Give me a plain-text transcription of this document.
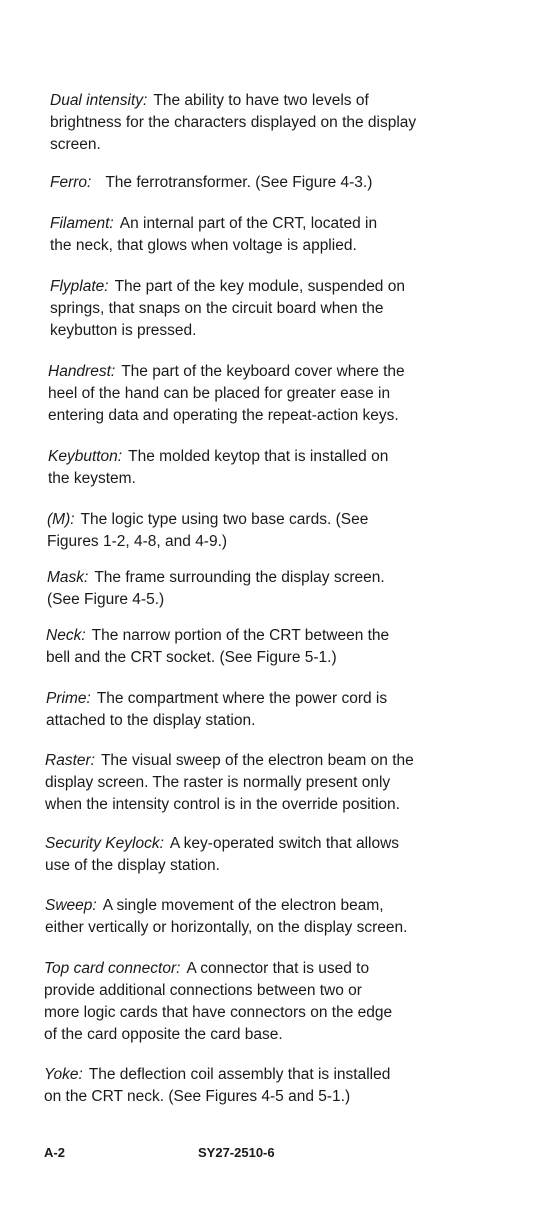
Dual intensity: The ability to have two levels of
brightness for the characters displayed on the display
screen.
Ferro: The ferrotransformer. (See Figure 4-3.)
Filament: An internal part of the CRT, located in
the neck, that glows when voltage is applied.
Flyplate: The part of the key module, suspended on
springs, that snaps on the circuit board when the
keybutton is pressed.
Handrest: The part of the keyboard cover where the
heel of the hand can be placed for greater ease in
entering data and operating the repeat-action keys.
Keybutton: The molded keytop that is installed on
the keystem.
(M): The logic type using two base cards. (See
Figures 1-2, 4-8, and 4-9.)
Mask: The frame surrounding the display screen.
(See Figure 4-5.)
Neck: The narrow portion of the CRT between the
bell and the CRT socket. (See Figure 5-1.)
Prime: The compartment where the power cord is
attached to the display station.
Raster: The visual sweep of the electron beam on the
display screen. The raster is normally present only
when the intensity control is in the override position.
Security Keylock: A key-operated switch that allows
use of the display station.
Sweep: A single movement of the electron beam,
either vertically or horizontally, on the display screen.
Top card connector: A connector that is used to
provide additional connections between two or
more logic cards that have connectors on the edge
of the card opposite the card base.
Yoke: The deflection coil assembly that is installed
on the CRT neck. (See Figures 4-5 and 5-1.)
A-2	SY27-2510-6
